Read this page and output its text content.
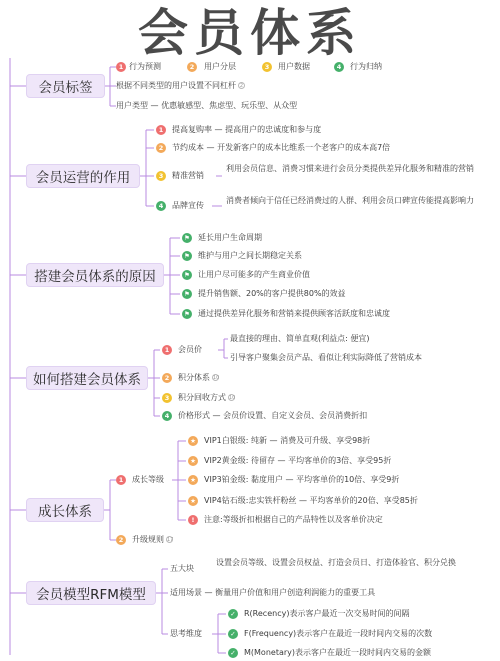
会员体系
会员标签
1 行为预测	2	用户分层	3	用户数据	4	行为归纳
根据不同类型的用户设置不同杠杆 2
用户类型 — 优惠敏感型、焦虑型、玩乐型、从众型
会员运营的作用
1	提高复购率 — 提高用户的忠诚度和参与度
2	节约成本 — 开发新客户的成本比维系一个老客户的成本高7倍
3	精准营销
利用会员信息、消费习惯来进行会员分类提供差异化服务和精准的营销
4	品牌宣传
消费者倾向于信任已经消费过的人群、利用会员口碑宣传能提高影响力
搭建会员体系的原因
⚑ 延长用户生命周期
⚑ 维护与用户之间长期稳定关系
⚑ 让用户尽可能多的产生商业价值
⚑ 提升销售额、20%的客户提供80%的效益
⚑ 通过提供差异化服务和营销来提供顾客活跃度和忠诚度
如何搭建会员体系
1	会员价
最直接的理由、简单直观(利益点: 便宜)
引导客户聚集会员产品、看似让利实际降低了营销成本
2	积分体系 10
3	积分回收方式 10
4	价格形式 — 会员价设置、自定义会员、会员消费折扣
成长体系
1	成长等级
★ VIP1白银级: 纯新 — 消费及可升级、享受98折
★ VIP2黄金级: 待留存 — 平均客单价的3倍、享受95折
★ VIP3铂金级: 黏度用户 — 平均客单价的10倍、享受9折
★ VIP4钻石级:忠实铁杆粉丝 — 平均客单价的20倍、享受85折
!	注意:等级折扣根据自己的产品特性以及客单价决定
2	升级规则 17
会员模型RFM模型
五大块
设置会员等级、设置会员权益、打造会员日、打造体验官、积分兑换
适用场景 — 衡量用户价值和用户创造利润能力的重要工具
思考维度
✓ R(Recency)表示客户最近一次交易时间的间隔
✓ F(Frequency)表示客户在最近一段时间内交易的次数
✓ M(Monetary)表示客户在最近一段时间内交易的金额
